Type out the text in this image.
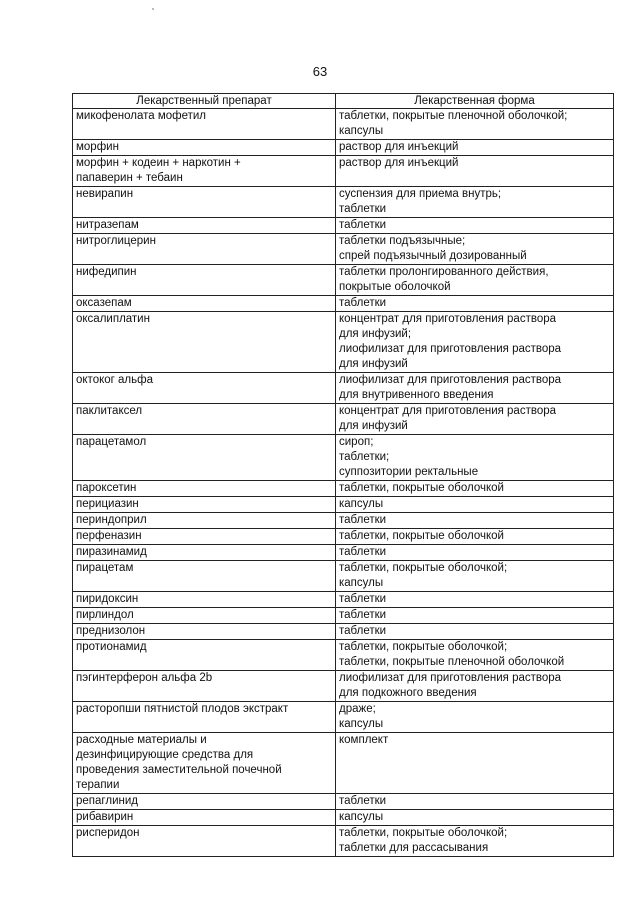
63
Лекарственный препарат	Лекарственная форма

микофенолата мофетил	таблетки, покрытые пленочной оболочкой;
капсулы

морфин	раствор для инъекций

морфин + кодеин + наркотин +
папаверин + тебаин	раствор для инъекций

невирапин	суспензия для приема внутрь;
таблетки

нитразепам	таблетки

нитроглицерин	таблетки подъязычные;
спрей подъязычный дозированный

нифедипин	таблетки пролонгированного действия,
покрытые оболочкой

оксазепам	таблетки

оксалиплатин	концентрат для приготовления раствора
для инфузий;
лиофилизат для приготовления раствора
для инфузий

октоког альфа	лиофилизат для приготовления раствора
для внутривенного введения

паклитаксел	концентрат для приготовления раствора
для инфузий

парацетамол	сироп;
таблетки;
суппозитории ректальные

пароксетин	таблетки, покрытые оболочкой

перициазин	капсулы

периндоприл	таблетки

перфеназин	таблетки, покрытые оболочкой

пиразинамид	таблетки

пирацетам	таблетки, покрытые оболочкой;
капсулы

пиридоксин	таблетки

пирлиндол	таблетки

преднизолон	таблетки

протионамид	таблетки, покрытые оболочкой;
таблетки, покрытые пленочной оболочкой

пэгинтерферон альфа 2b	лиофилизат для приготовления раствора
для подкожного введения

расторопши пятнистой плодов экстракт	драже;
капсулы

расходные материалы и
дезинфицирующие средства для
проведения заместительной почечной
терапии	комплект

репаглинид	таблетки

рибавирин	капсулы

рисперидон	таблетки, покрытые оболочкой;
таблетки для рассасывания
